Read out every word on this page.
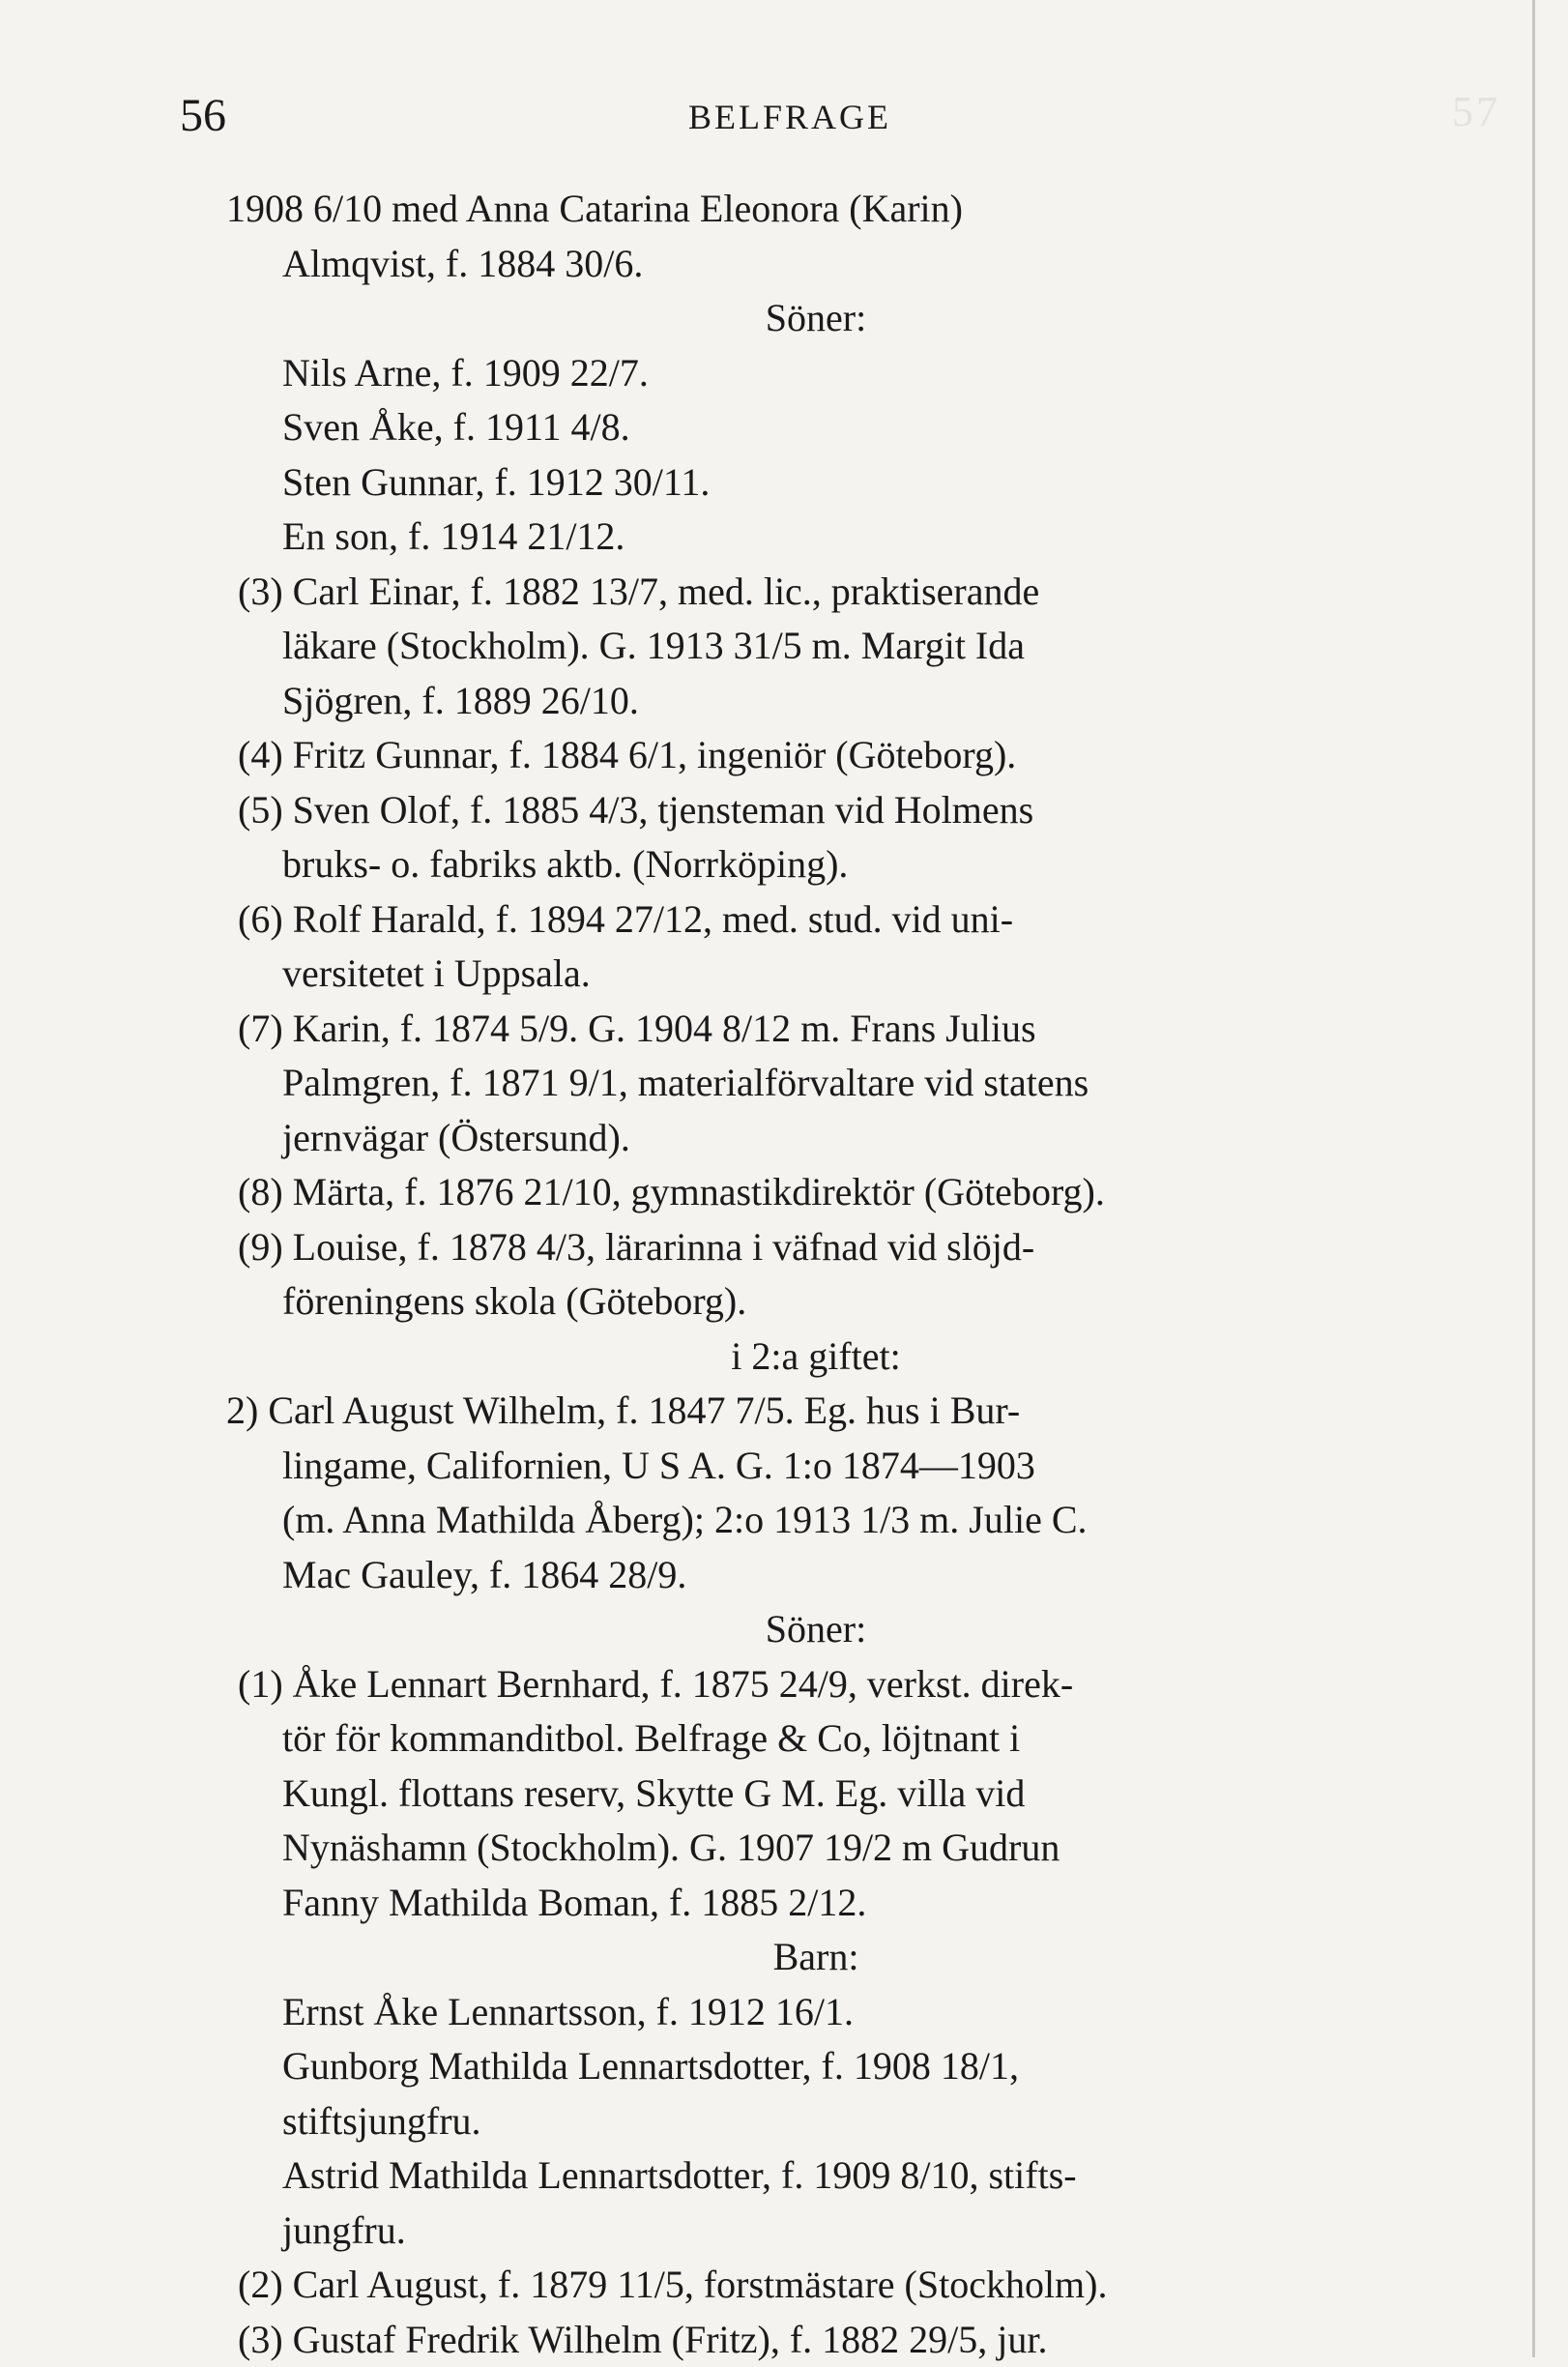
57
56	BELFRAGE
1908 6/10 med Anna Catarina Eleonora (Karin)
Almqvist, f. 1884 30/6.
Söner:
Nils Arne, f. 1909 22/7.
Sven Åke, f. 1911 4/8.
Sten Gunnar, f. 1912 30/11.
En son, f. 1914 21/12.
(3) Carl Einar, f. 1882 13/7, med. lic., praktiserande
läkare (Stockholm). G. 1913 31/5 m. Margit Ida
Sjögren, f. 1889 26/10.
(4) Fritz Gunnar, f. 1884 6/1, ingeniör (Göteborg).
(5) Sven Olof, f. 1885 4/3, tjensteman vid Holmens
bruks- o. fabriks aktb. (Norrköping).
(6) Rolf Harald, f. 1894 27/12, med. stud. vid uni-
versitetet i Uppsala.
(7) Karin, f. 1874 5/9. G. 1904 8/12 m. Frans Julius
Palmgren, f. 1871 9/1, materialförvaltare vid statens
jernvägar (Östersund).
(8) Märta, f. 1876 21/10, gymnastikdirektör (Göteborg).
(9) Louise, f. 1878 4/3, lärarinna i väfnad vid slöjd-
föreningens skola (Göteborg).
i 2:a giftet:
2) Carl August Wilhelm, f. 1847 7/5. Eg. hus i Bur-
lingame, Californien, U S A. G. 1:o 1874—1903
(m. Anna Mathilda Åberg); 2:o 1913 1/3 m. Julie C.
Mac Gauley, f. 1864 28/9.
Söner:
(1) Åke Lennart Bernhard, f. 1875 24/9, verkst. direk-
tör för kommanditbol. Belfrage & Co, löjtnant i
Kungl. flottans reserv, Skytte G M. Eg. villa vid
Nynäshamn (Stockholm). G. 1907 19/2 m Gudrun
Fanny Mathilda Boman, f. 1885 2/12.
Barn:
Ernst Åke Lennartsson, f. 1912 16/1.
Gunborg Mathilda Lennartsdotter, f. 1908 18/1,
stiftsjungfru.
Astrid Mathilda Lennartsdotter, f. 1909 8/10, stifts-
jungfru.
(2) Carl August, f. 1879 11/5, forstmästare (Stockholm).
(3) Gustaf Fredrik Wilhelm (Fritz), f. 1882 29/5, jur.
